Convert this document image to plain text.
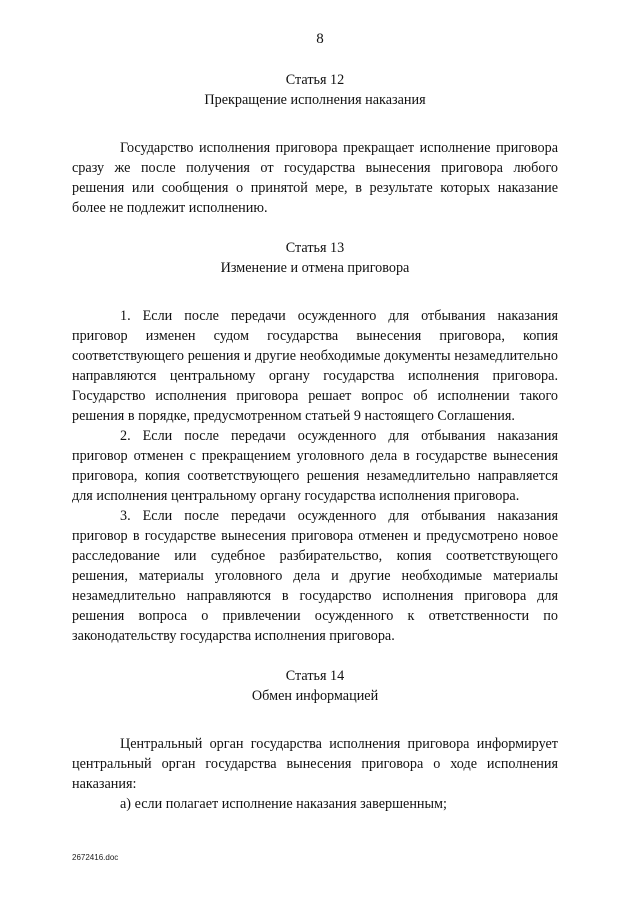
8

Статья 12

Прекращение исполнения наказания

Государство исполнения приговора прекращает исполнение приговора сразу же после получения от государства вынесения приговора любого решения или сообщения о принятой мере, в результате которых наказание более не подлежит исполнению.

Статья 13

Изменение и отмена приговора

1. Если после передачи осужденного для отбывания наказания приговор изменен судом государства вынесения приговора, копия соответствующего решения и другие необходимые документы незамедлительно направляются центральному органу государства исполнения приговора. Государство исполнения приговора решает вопрос об исполнении такого решения в порядке, предусмотренном статьей 9 настоящего Соглашения.

2. Если после передачи осужденного для отбывания наказания приговор отменен с прекращением уголовного дела в государстве вынесения приговора, копия соответствующего решения незамедлительно направляется для исполнения центральному органу государства исполнения приговора.

3. Если после передачи осужденного для отбывания наказания приговор в государстве вынесения приговора отменен и предусмотрено новое расследование или судебное разбирательство, копия соответствующего решения, материалы уголовного дела и другие необходимые материалы незамедлительно направляются в государство исполнения приговора для решения вопроса о привлечении осужденного к ответственности по законодательству государства исполнения приговора.

Статья 14

Обмен информацией

Центральный орган государства исполнения приговора информирует центральный орган государства вынесения приговора о ходе исполнения наказания:

а) если полагает исполнение наказания завершенным;

2672416.doc
